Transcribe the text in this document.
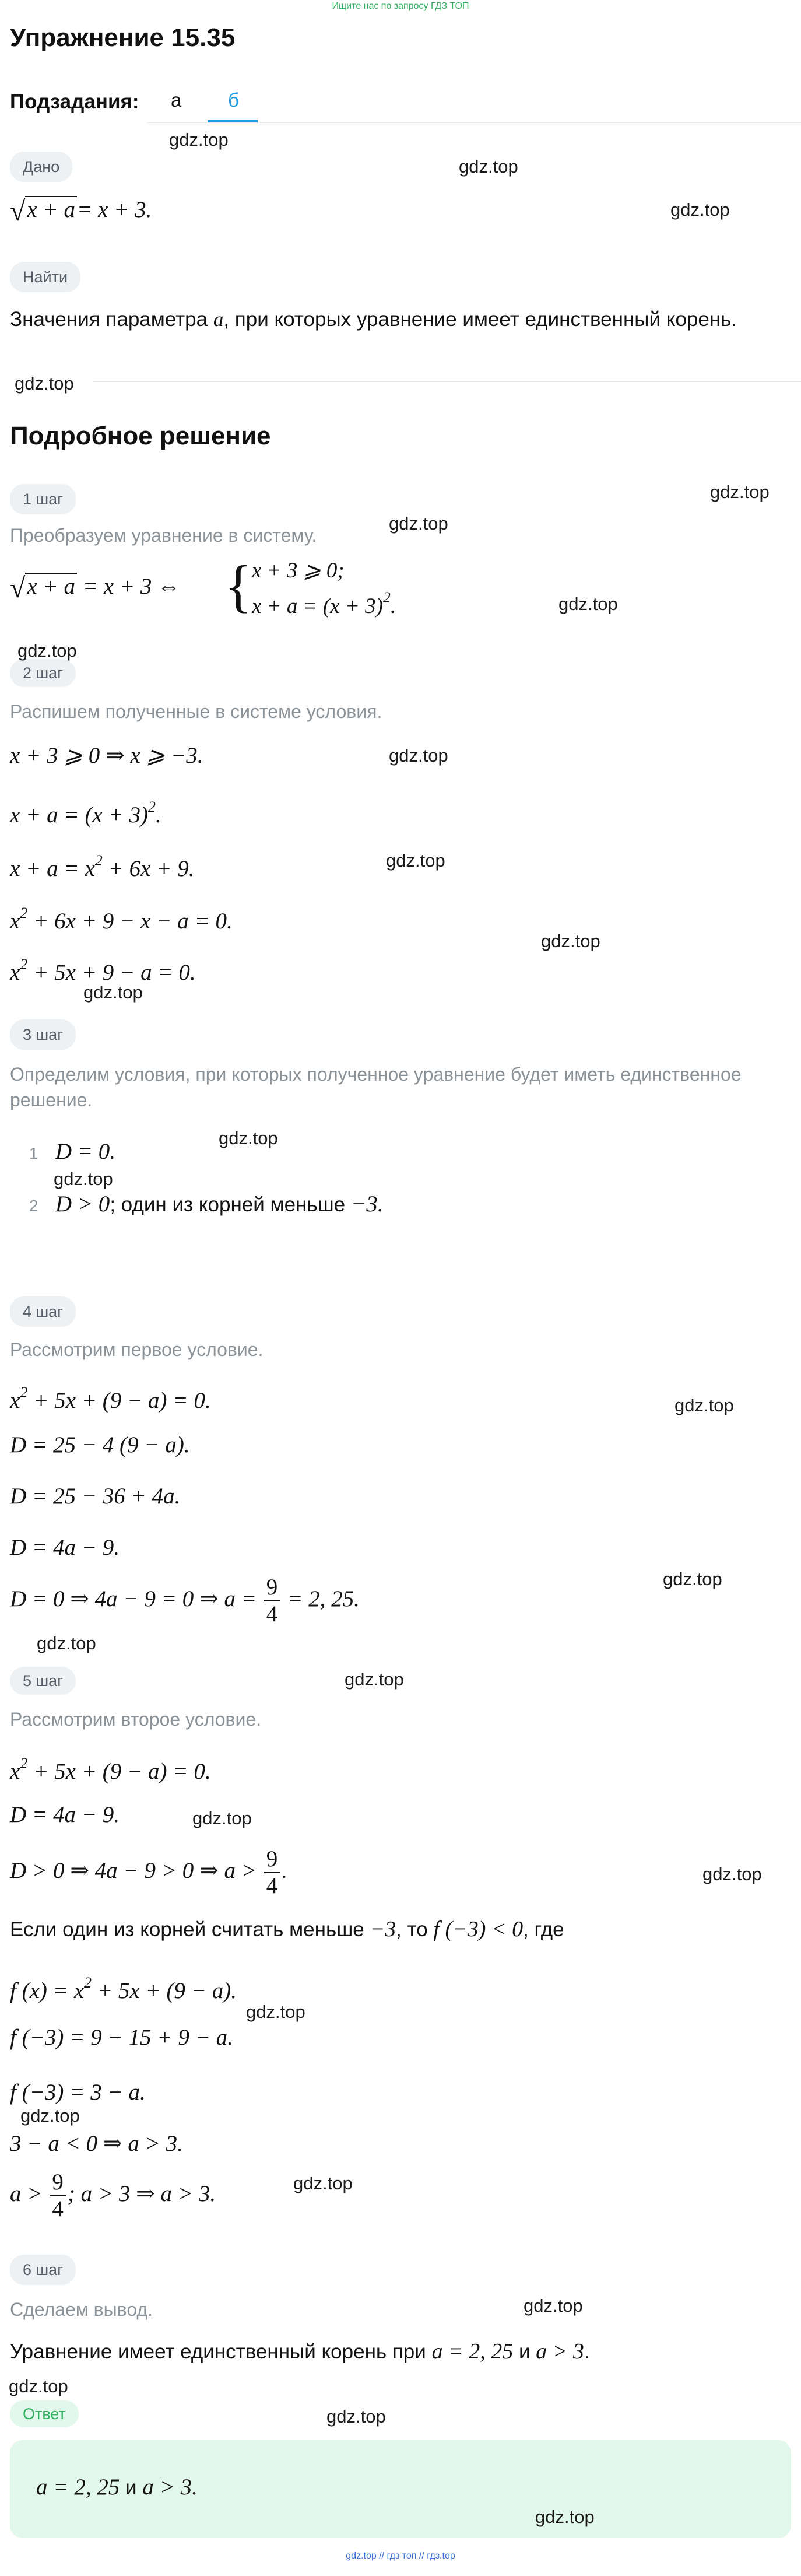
Ищите нас по запросу ГДЗ ТОП
Упражнение 15.35
Подзадания: а б
Дано
√x + a= x + 3.
Найти
Значения параметра a, при которых уравнение имеет единственный корень.
Подробное решение
1 шаг
Преобразуем уравнение в систему.
√x + a = x + 3 ⇔ { x + 3 ⩾ 0;
$x + a = (x + 3)^2$.
2 шаг
Распишем полученные в системе условия.
x + 3 ⩾ 0 ⇒ x ⩾ −3.
$x + a = (x + 3)^2$.
$x + a = x^2 + 6x + 9$.
$x^2 + 6x + 9 - x - a = 0$.
$x^2 + 5x + 9 - a = 0$.
3 шаг
Определим условия, при которых полученное уравнение будет иметь единственное решение.
1 D = 0.
2 D > 0; один из корней меньше −3.
4 шаг
Рассмотрим первое условие.
$x^2 + 5x + (9 - a) = 0$.
D = 25 − 4 (9 − a).
D = 25 − 36 + 4a.
D = 4a − 9.
D = 0 ⇒ 4a − 9 = 0 ⇒ $a = \frac{9}{4} = 2$, 25.
5 шаг
Рассмотрим второе условие.
$x^2 + 5x + (9 - a) = 0$.
D = 4a − 9.
D > 0 ⇒ 4a − 9 > 0 ⇒ $a > \frac{9}{4}$ .
Если один из корней считать меньше −3, то f (−3) < 0, где
f $(x) = x^2 + 5x + (9 - a)$.
f (−3) = 9 − 15 + 9 − a.
f (−3) = 3 − a.
3 − a < 0 ⇒ a > 3.
$a > \frac{9}{4}$ ; a > 3 ⇒ a > 3.
6 шаг
Сделаем вывод.
Уравнение имеет единственный корень при a = 2, 25 и a > 3.
Ответ
a = 2, 25 и a > 3.
gdz.top // гдз топ // гдз.top
gdz.top
gdz.top
gdz.top
gdz.top
gdz.top
gdz.top
gdz.top
gdz.top
gdz.top
gdz.top
gdz.top
gdz.top
gdz.top
gdz.top
gdz.top
gdz.top
gdz.top
gdz.top
gdz.top
gdz.top
gdz.top
gdz.top
gdz.top
gdz.top
gdz.top
gdz.top
gdz.top
